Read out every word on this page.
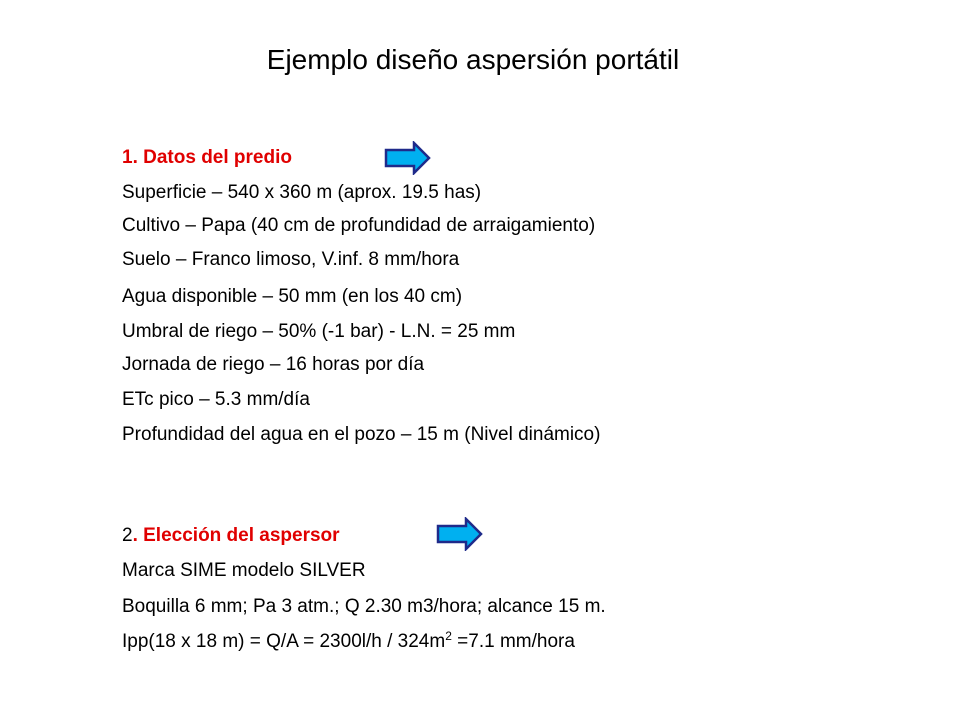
Ejemplo diseño aspersión portátil
1. Datos del predio
Superficie – 540 x 360 m (aprox. 19.5 has)
Cultivo – Papa (40 cm de profundidad de arraigamiento)
Suelo – Franco limoso, V.inf. 8 mm/hora
Agua disponible – 50 mm (en los 40 cm)
Umbral de riego – 50% (-1 bar) - L.N. = 25 mm
Jornada de riego – 16 horas por día
ETc pico – 5.3 mm/día
Profundidad del agua en el pozo – 15 m (Nivel dinámico)
2. Elección del aspersor
Marca SIME modelo SILVER
Boquilla 6 mm; Pa 3 atm.; Q 2.30 m3/hora; alcance 15 m.
Ipp(18 x 18 $m) = Q/A = 2300l/h / 324m^2 =7.1$ mm/hora
